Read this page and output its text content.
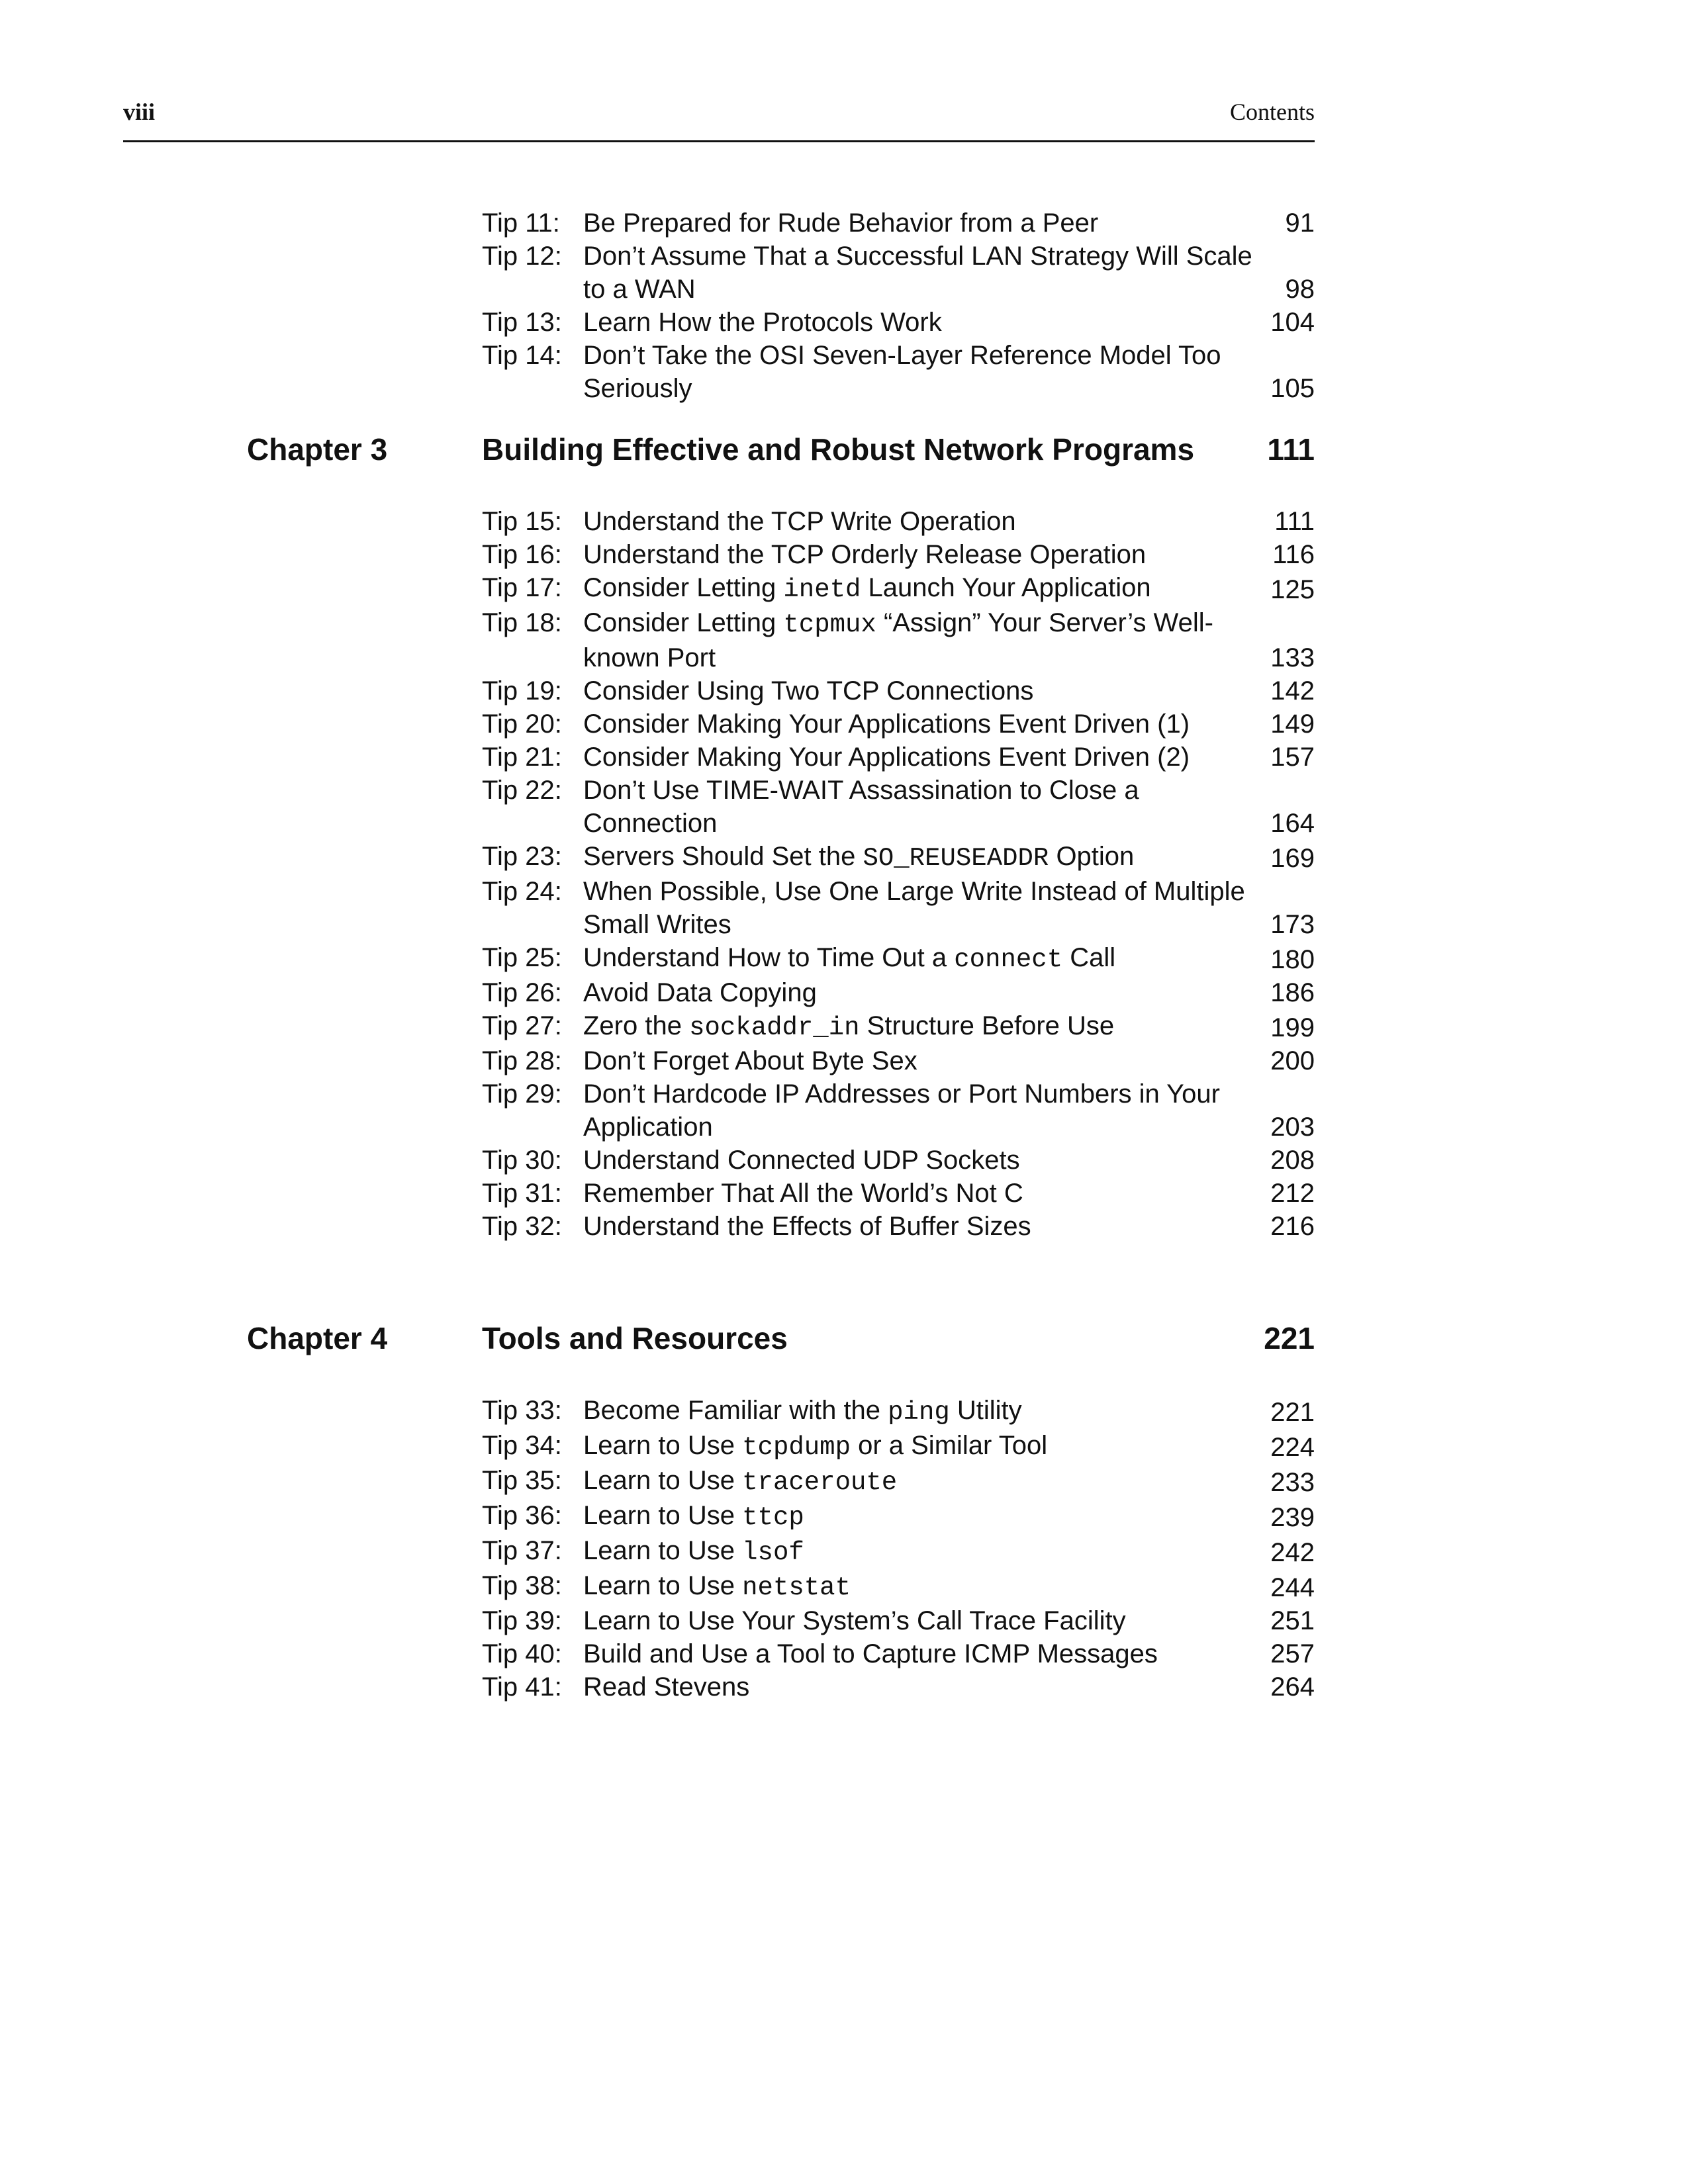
viii	Contents
Tip 11: Be Prepared for Rude Behavior from a Peer	91
Tip 12: Don’t Assume That a Successful LAN Strategy Will Scale to a WAN	98
Tip 13: Learn How the Protocols Work	104
Tip 14: Don’t Take the OSI Seven-Layer Reference Model Too Seriously	105
Chapter 3	Building Effective and Robust Network Programs 111
Tip 15: Understand the TCP Write Operation	111
Tip 16: Understand the TCP Orderly Release Operation	116
Tip 17: Consider Letting inetd Launch Your Application	125
Tip 18: Consider Letting tcpmux “Assign” Your Server’s Well-known Port	133
Tip 19: Consider Using Two TCP Connections	142
Tip 20: Consider Making Your Applications Event Driven (1)	149
Tip 21: Consider Making Your Applications Event Driven (2)	157
Tip 22: Don’t Use TIME-WAIT Assassination to Close a Connection	164
Tip 23: Servers Should Set the SO_REUSEADDR Option	169
Tip 24: When Possible, Use One Large Write Instead of Multiple Small Writes	173
Tip 25: Understand How to Time Out a connect Call	180
Tip 26: Avoid Data Copying	186
Tip 27: Zero the sockaddr_in Structure Before Use	199
Tip 28: Don’t Forget About Byte Sex	200
Tip 29: Don’t Hardcode IP Addresses or Port Numbers in Your Application	203
Tip 30: Understand Connected UDP Sockets	208
Tip 31: Remember That All the World’s Not C	212
Tip 32: Understand the Effects of Buffer Sizes	216
Chapter 4	Tools and Resources	221
Tip 33: Become Familiar with the ping Utility	221
Tip 34: Learn to Use tcpdump or a Similar Tool	224
Tip 35: Learn to Use traceroute	233
Tip 36: Learn to Use ttcp	239
Tip 37: Learn to Use lsof	242
Tip 38: Learn to Use netstat	244
Tip 39: Learn to Use Your System’s Call Trace Facility	251
Tip 40: Build and Use a Tool to Capture ICMP Messages	257
Tip 41: Read Stevens	264
